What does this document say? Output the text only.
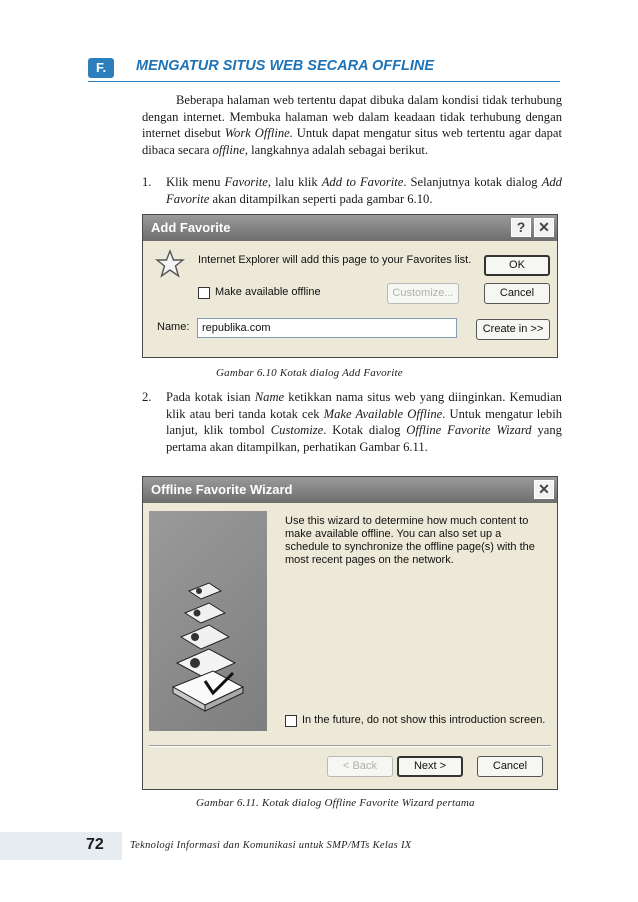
F.	MENGATUR SITUS WEB SECARA OFFLINE

Beberapa halaman web tertentu dapat dibuka dalam kondisi tidak terhubung dengan internet. Membuka halaman web dalam keadaan tidak terhubung dengan internet disebut Work Offline. Untuk dapat mengatur situs web tertentu agar dapat dibaca secara offline, langkahnya adalah sebagai berikut.

1.	Klik menu Favorite, lalu klik Add to Favorite. Selanjutnya kotak dialog Add Favorite akan ditampilkan seperti pada gambar 6.10.
Add Favorite	? ✕
Internet Explorer will add this page to your Favorites list.
Make available offline
OK
Customize...	Cancel
Name:
republika.com	Create in >>
Gambar 6.10 Kotak dialog Add Favorite
2.	Pada kotak isian Name ketikkan nama situs web yang diinginkan. Kemudian klik atau beri tanda kotak cek Make Available Offline. Untuk mengatur lebih lanjut, klik tombol Customize. Kotak dialog Offline Favorite Wizard yang pertama akan ditampilkan, perhatikan Gambar 6.11.
Offline Favorite Wizard	✕
Use this wizard to determine how much content to make available offline. You can also set up a schedule to synchronize the offline page(s) with the most recent pages on the network.
In the future, do not show this introduction screen.
< Back	Next >	Cancel
Gambar 6.11. Kotak dialog Offline Favorite Wizard pertama
72 Teknologi Informasi dan Komunikasi untuk SMP/MTs Kelas IX
